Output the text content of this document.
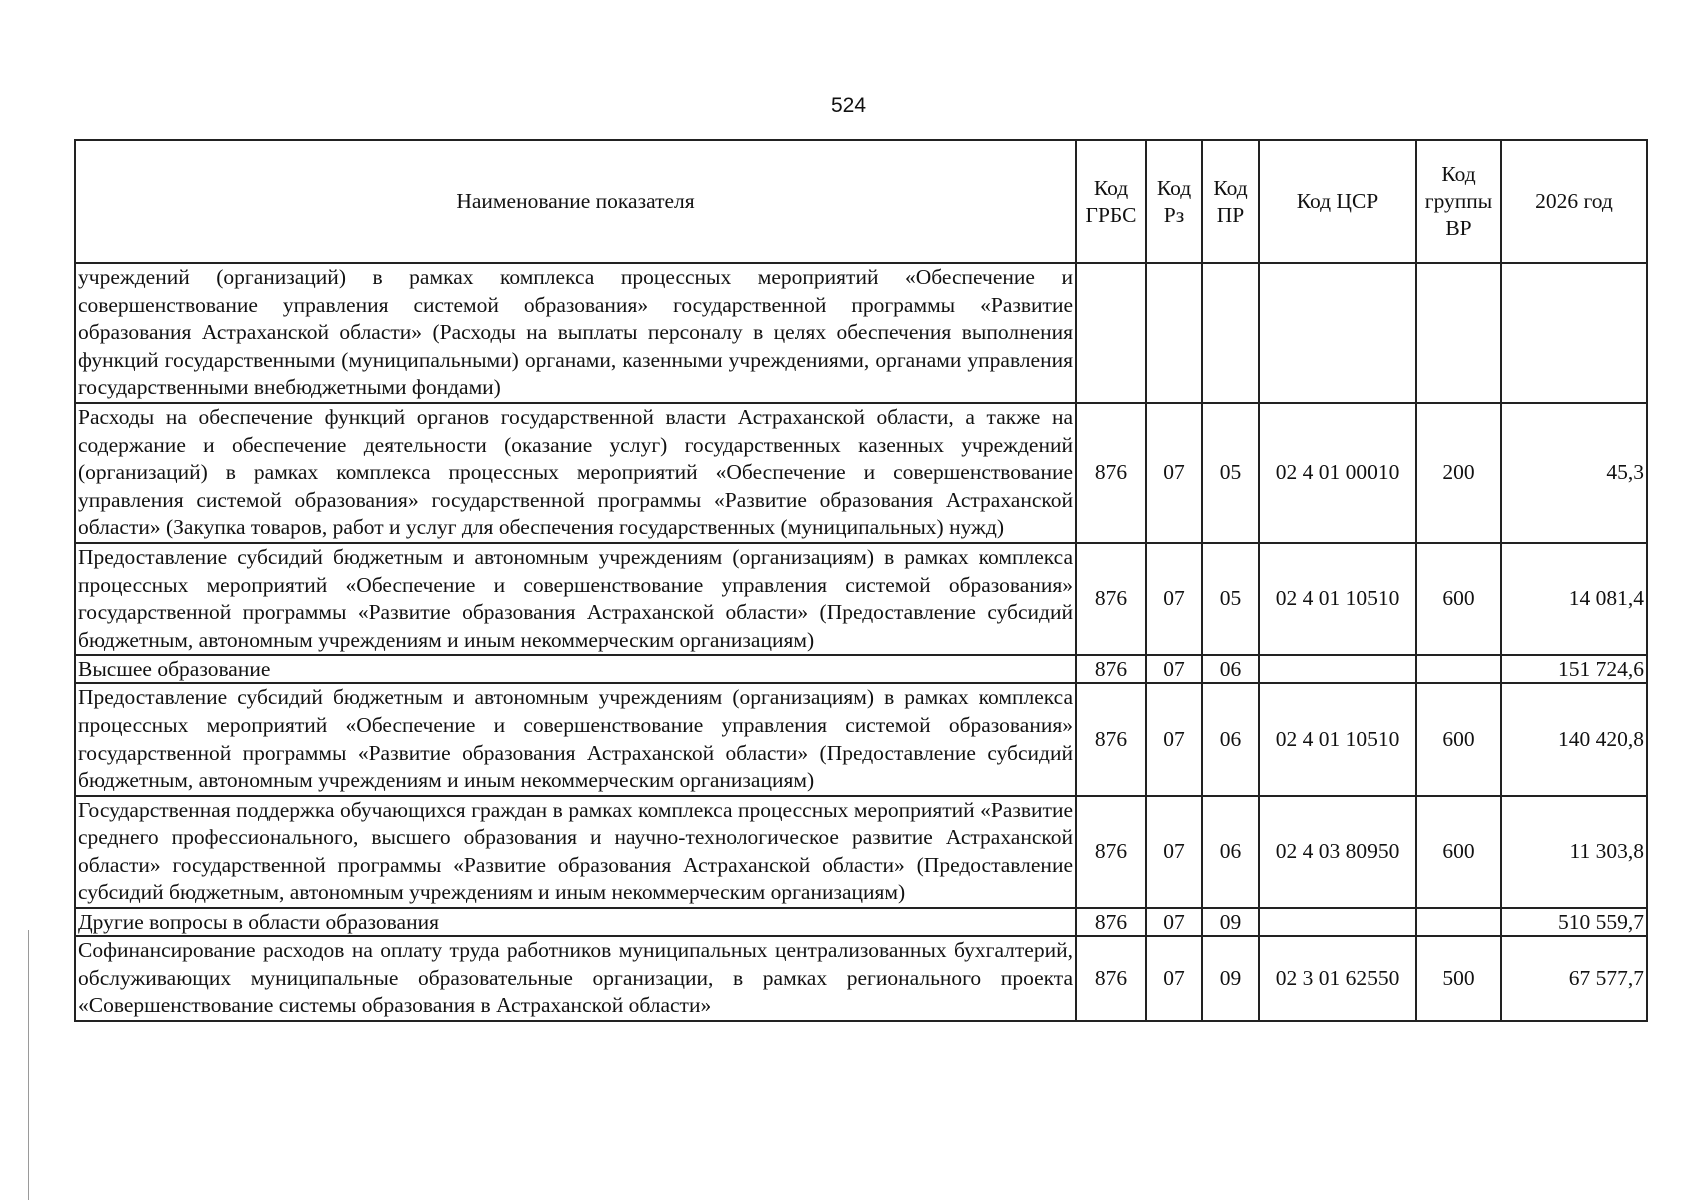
524
Наименование показателя	Код ГРБС	Код Рз	Код ПР	Код ЦСР	Код группы ВР	2026 год
учреждений (организаций) в рамках комплекса процессных мероприятий «Обеспечение и совершенствование управления системой образования» государственной программы «Развитие образования Астраханской области» (Расходы на выплаты персоналу в целях обеспечения выполнения функций государственными (муниципальными) органами, казенными учреждениями, органами управления государственными внебюджетными фондами)						
Расходы на обеспечение функций органов государственной власти Астраханской области, а также на содержание и обеспечение деятельности (оказание услуг) государственных казенных учреждений (организаций) в рамках комплекса процессных мероприятий «Обеспечение и совершенствование управления системой образования» государственной программы «Развитие образования Астраханской области» (Закупка товаров, работ и услуг для обеспечения государственных (муниципальных) нужд)	876	07	05	02 4 01 00010	200	45,3
Предоставление субсидий бюджетным и автономным учреждениям (организациям) в рамках комплекса процессных мероприятий «Обеспечение и совершенствование управления системой образования» государственной программы «Развитие образования Астраханской области» (Предоставление субсидий бюджетным, автономным учреждениям и иным некоммерческим организациям)	876	07	05	02 4 01 10510	600	14 081,4
Высшее образование	876	07	06			151 724,6
Предоставление субсидий бюджетным и автономным учреждениям (организациям) в рамках комплекса процессных мероприятий «Обеспечение и совершенствование управления системой образования» государственной программы «Развитие образования Астраханской области» (Предоставление субсидий бюджетным, автономным учреждениям и иным некоммерческим организациям)	876	07	06	02 4 01 10510	600	140 420,8
Государственная поддержка обучающихся граждан в рамках комплекса процессных мероприятий «Развитие среднего профессионального, высшего образования и научно-технологическое развитие Астраханской области» государственной программы «Развитие образования Астраханской области» (Предоставление субсидий бюджетным, автономным учреждениям и иным некоммерческим организациям)	876	07	06	02 4 03 80950	600	11 303,8
Другие вопросы в области образования	876	07	09			510 559,7
Софинансирование расходов на оплату труда работников муниципальных централизованных бухгалтерий, обслуживающих муниципальные образовательные организации, в рамках регионального проекта «Совершенствование системы образования в Астраханской области»	876	07	09	02 3 01 62550	500	67 577,7
